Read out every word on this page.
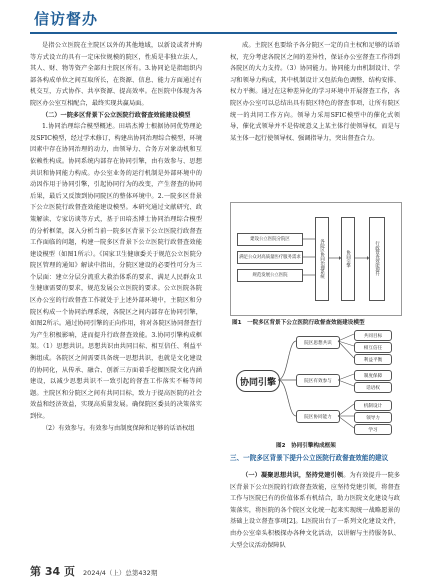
信访督办

是指公立医院在主院区以外的其他地域，以新设或者并购等方式设立的具有一定床位规模的院区，性质是非独立法人，其人、财、物等资产全部归主院区所有。3.协同论是指组织内部各构成单位之间互取所长，在资源、信息、能力方面通过有机交互，方式协作、共享资源、提高效率。在医院中体现为各院区办公室互相配合，最终实现共赢局面。

（二）一院多区背景下公立医院行政督查效能建设模型

1.协同治理综合模型概述。田培杰博士根据协同优势理论及SFIC模型，经过学术修订，构建出协同治理综合模型，环境因素中存在协同治理的动力，由领导力、合务方对象动机和互依赖性构成。协同系统内部存在协同引擎，由有效参与、思想共识和协同能力构成。办公室业务的运行机制是外部环境中的动因作用于协同引擎，引起协同行为的改变，产生督查的协同后果，最后又反馈到协同院区的整体环境中。2.一院多区背景下公立医院行政督查效能建设模型。本研究通过文献研究、政策解读、专家访谈等方式，基于田培杰博士协同治理综合模型的分析框架，深入分析当前一院多区背景下公立医院行政督查工作面临的问题，构建一院多区背景下公立医院行政督查效能建设模型（如图1所示）。《国家卫生健康委关于规范公立医院分院区管理的通知》解读中指出，分院区建设的必要性可分为三个层面：建立分层分流重大救治体系的要求、满足人民群众卫生健康需要的要求，规范发展公立医院的要求。公立医院各院区办公室的行政督查工作就处于上述外部环境中，主院区和分院区构成一个协同治理系统，各院区之间内部存在协同引擎，如图2所示。通过协同引擎的正向作用，将对各院区协同督查行为产生积极影响，进而提升行政督查效能。3.协同引擎构成框架。（1）思想共识。思想共识由共同目标、相互信任、利益平衡组成。各院区之间需要具备统一思想共识，也就是文化建设的协同化，从传承、融合、创新三方面着手挖掘医院文化内涵建设，以减少思想共识不一致引起的督查工作落实不畅等问题。主院区和分院区之间有共同目标，致力于提高医院的社会效益和经济效益，实现高质量发展。确保院区委员的决策落实到位。

（2）有效参与。有效参与由制度保障和足够的话语权组

成。主院区也要给予各分院区一定的自主权和足够的话语权，充分考虑各院区之间的差异性，保证办公室督查工作得到各院区的大力支持。（3）协同能力。协同能力由机制设计、学习和领导力构成，其中机制设计又包括角色调整、结构安排、权力平衡。通过在这种差异化的学习环境中开展督查工作，各院区办公室可以总结出具有院区特色的督查事项，让所有院区统一的共同工作方向。领导力采用SFIC模型中的催化式领导，催化式领导并不是传统意义上某主体行使领导权，而是与某主体一起行使领导权、强调指导力，突出督查合力。

建设公立医院分院区
满足公众对高质量医疗服务需求
规范发展公立医院	各院区协同治理系统	协同引擎	行政督查效能提升
图1　一院多区背景下公立医院行政督查效能建设模型
协同引擎
院区思想共识
共同目标
相互信任
利益平衡
院区有效参与
制度保障
话语权
院区协同能力
机制设计
领导力
学习
图2　协同引擎构成框架
三、一院多区背景下提升公立医院行政督查效能的建议

（一）凝聚思想共识，坚持党建引领。为有效提升一院多区背景下公立医院的行政督查效能，应坚持党建引领，将督查工作与医院已有的价值体系有机结合，助力医院文化建设与政策落实，将医院的各个院区文化统一起来实现统一战略愿景的基础上设立督查事项[2]。L医院出台了一系列文化建设文件，由办公室牵头积极探办各种文化活动，以讲解与主持服务队、大型会议活动保障队

第 34 页 2024/4（上）总第432期
